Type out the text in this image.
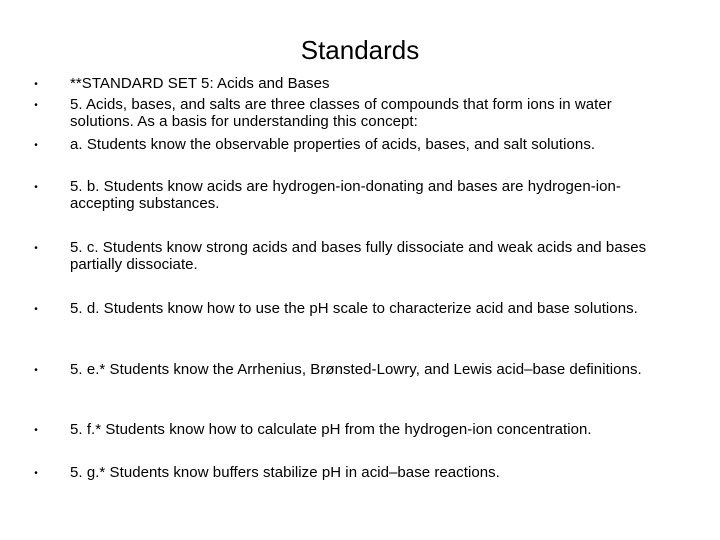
Standards
• **STANDARD SET 5: Acids and Bases
• 5. Acids, bases, and salts are three classes of compounds that form ions in water solutions. As a basis for understanding this concept:
• a. Students know the observable properties of acids, bases, and salt solutions.
• 5. b. Students know acids are hydrogen-ion-donating and bases are hydrogen-ion-accepting substances.
• 5. c. Students know strong acids and bases fully dissociate and weak acids and bases partially dissociate.
• 5. d. Students know how to use the pH scale to characterize acid and base solutions.
• 5. e.* Students know the Arrhenius, Brønsted-Lowry, and Lewis acid–base definitions.
• 5. f.* Students know how to calculate pH from the hydrogen-ion concentration.
• 5. g.* Students know buffers stabilize pH in acid–base reactions.
